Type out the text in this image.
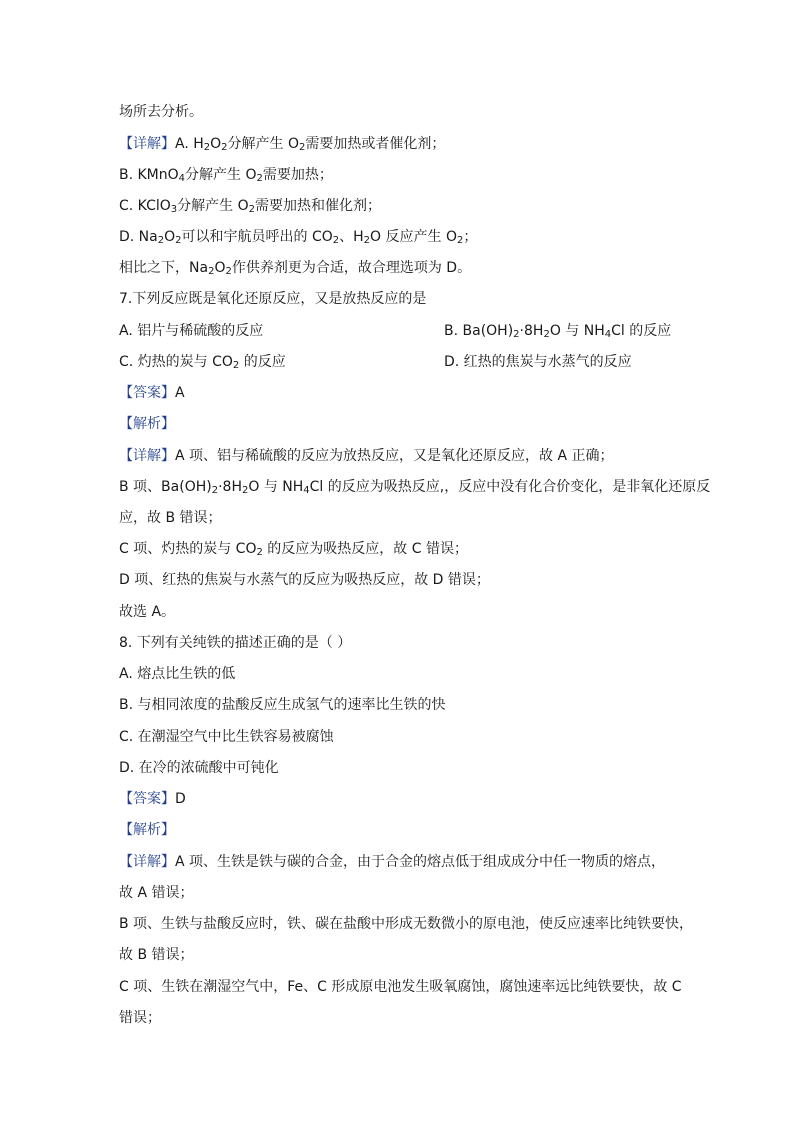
场所去分析。
【详解】A. $H_2O_2$分解产生 $O_2$需要加热或者催化剂；
B. KMnO$_4$分解产生 $O_2$需要加热；
C. KClO$_3$分解产生 $O_2$需要加热和催化剂；
D. $Na_2O_2$可以和宇航员呼出的 $CO_2$、$H_2O$ 反应产生 $O_2$；
相比之下，$Na_2O_2$作供养剂更为合适，故合理选项为 D。
7.下列反应既是氧化还原反应，又是放热反应的是
A. 铝片与稀硫酸的反应	B. $Ba(OH)_2\cdot 8H_2O$ 与 $NH_4Cl$ 的反应
C. 灼热的炭与 $CO_2$ 的反应	D. 红热的焦炭与水蒸气的反应
【答案】A
【解析】
【详解】A 项、铝与稀硫酸的反应为放热反应，又是氧化还原反应，故 A 正确；
B 项、$Ba(OH)_2\cdot 8H_2O$ 与 $NH_4Cl$ 的反应为吸热反应,，反应中没有化合价变化，是非氧化还原反
应，故 B 错误；
C 项、灼热的炭与 $CO_2$ 的反应为吸热反应，故 C 错误；
D 项、红热的焦炭与水蒸气的反应为吸热反应，故 D 错误；
故选 A。
8. 下列有关纯铁的描述正确的是（ ）
A. 熔点比生铁的低
B. 与相同浓度的盐酸反应生成氢气的速率比生铁的快
C. 在潮湿空气中比生铁容易被腐蚀
D. 在冷的浓硫酸中可钝化
【答案】D
【解析】
【详解】A 项、生铁是铁与碳的合金，由于合金的熔点低于组成成分中任一物质的熔点，
故 A 错误；
B 项、生铁与盐酸反应时，铁、碳在盐酸中形成无数微小的原电池，使反应速率比纯铁要快，
故 B 错误；
C 项、生铁在潮湿空气中，Fe、C 形成原电池发生吸氧腐蚀，腐蚀速率远比纯铁要快，故 C
错误；
